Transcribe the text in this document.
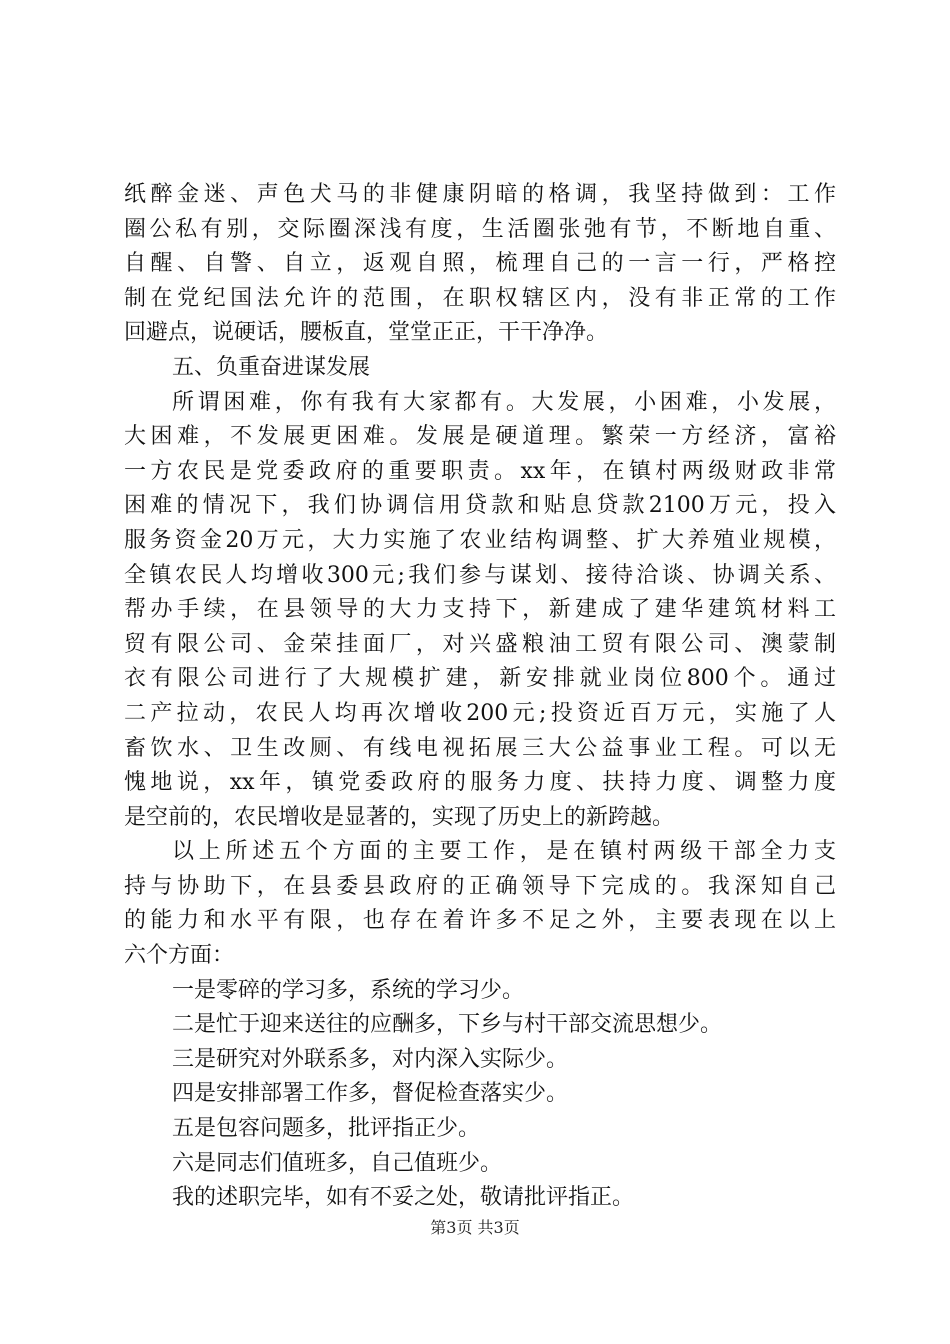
纸醉金迷、声色犬马的非健康阴暗的格调，我坚持做到：工作

圈公私有别，交际圈深浅有度，生活圈张弛有节，不断地自重、

自醒、自警、自立，返观自照，梳理自己的一言一行，严格控

制在党纪国法允许的范围，在职权辖区内，没有非正常的工作

回避点，说硬话，腰板直，堂堂正正，干干净净。

五、负重奋进谋发展

所谓困难，你有我有大家都有。大发展，小困难，小发展，

大困难，不发展更困难。发展是硬道理。繁荣一方经济，富裕

一方农民是党委政府的重要职责。xx年，在镇村两级财政非常

困难的情况下，我们协调信用贷款和贴息贷款2100万元，投入

服务资金20万元，大力实施了农业结构调整、扩大养殖业规模，

全镇农民人均增收300元;我们参与谋划、接待洽谈、协调关系、

帮办手续，在县领导的大力支持下，新建成了建华建筑材料工

贸有限公司、金荣挂面厂，对兴盛粮油工贸有限公司、澳蒙制

衣有限公司进行了大规模扩建，新安排就业岗位800个。通过

二产拉动，农民人均再次增收200元;投资近百万元，实施了人

畜饮水、卫生改厕、有线电视拓展三大公益事业工程。可以无

愧地说，xx年，镇党委政府的服务力度、扶持力度、调整力度

是空前的，农民增收是显著的，实现了历史上的新跨越。

以上所述五个方面的主要工作，是在镇村两级干部全力支

持与协助下，在县委县政府的正确领导下完成的。我深知自己

的能力和水平有限，也存在着许多不足之外，主要表现在以上

六个方面：

一是零碎的学习多，系统的学习少。

二是忙于迎来送往的应酬多，下乡与村干部交流思想少。

三是研究对外联系多，对内深入实际少。

四是安排部署工作多，督促检查落实少。

五是包容问题多，批评指正少。

六是同志们值班多，自己值班少。

我的述职完毕，如有不妥之处，敬请批评指正。

第3页 共3页
